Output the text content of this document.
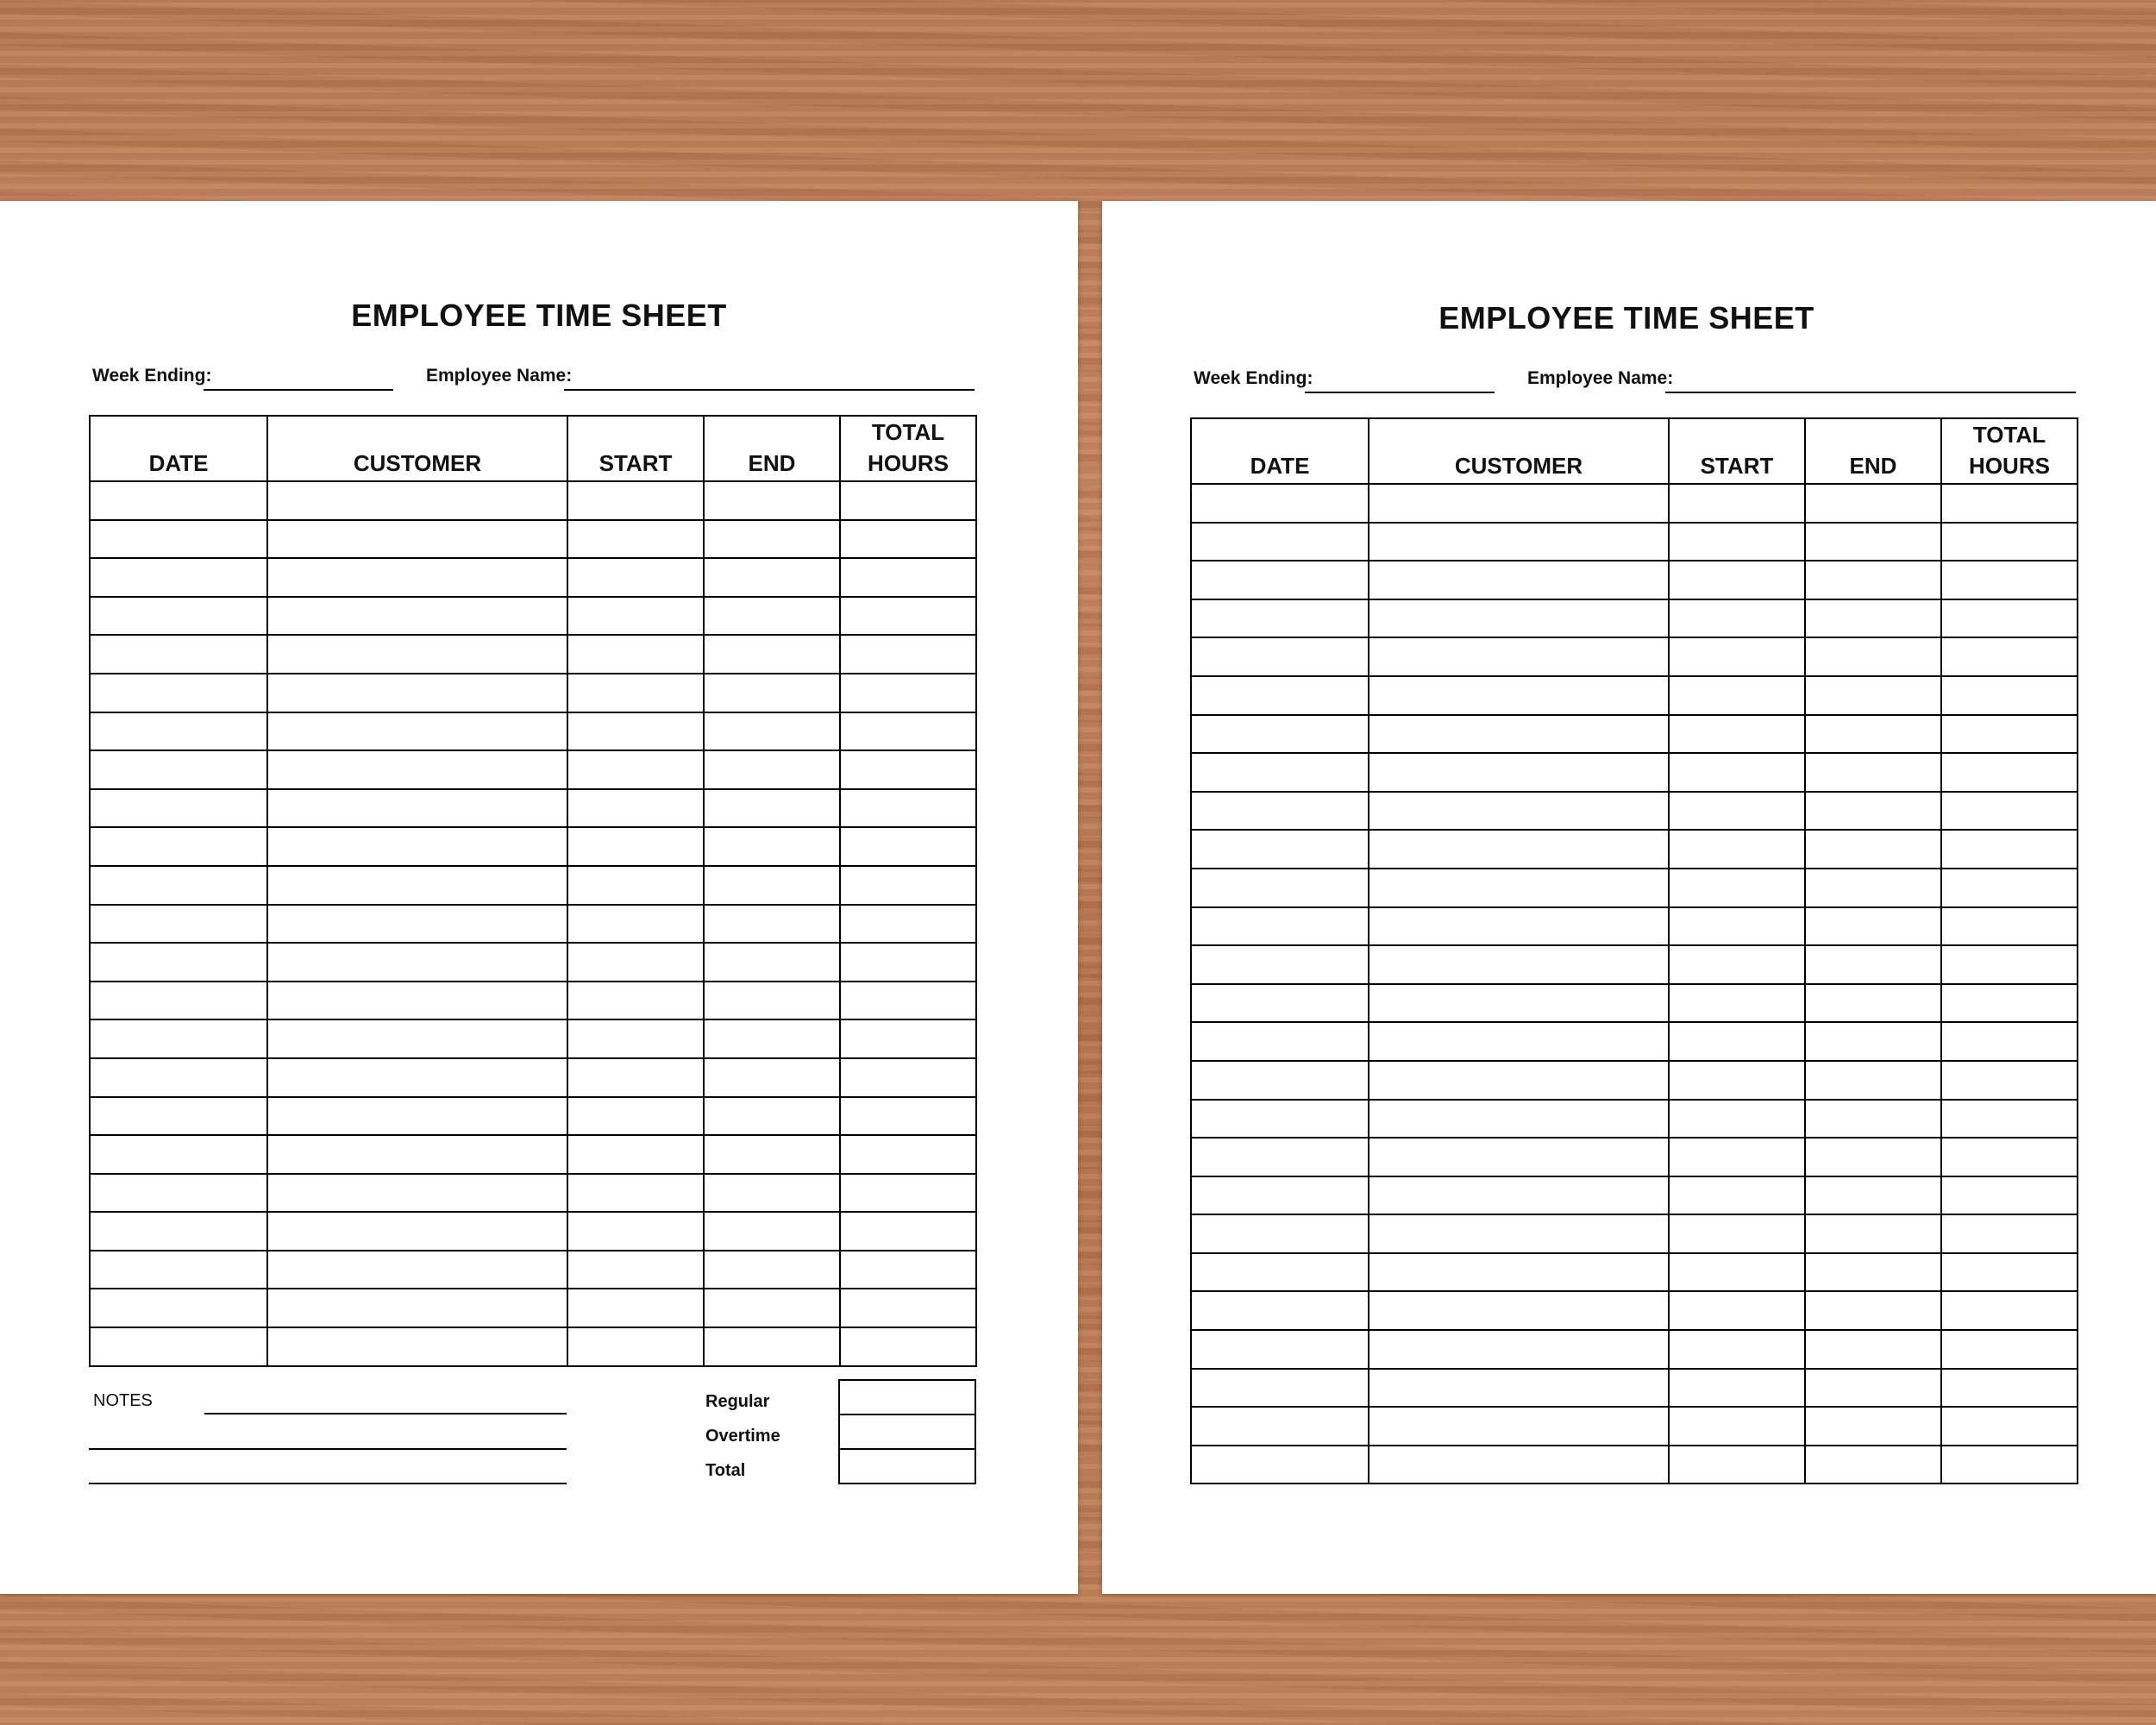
EMPLOYEE TIME SHEET
Week Ending:	Employee Name:
DATE	CUSTOMER	START	END	TOTAL HOURS

NOTES	Regular
Overtime
Total

EMPLOYEE TIME SHEET
Week Ending:	Employee Name:
DATE	CUSTOMER	START	END	TOTAL HOURS
